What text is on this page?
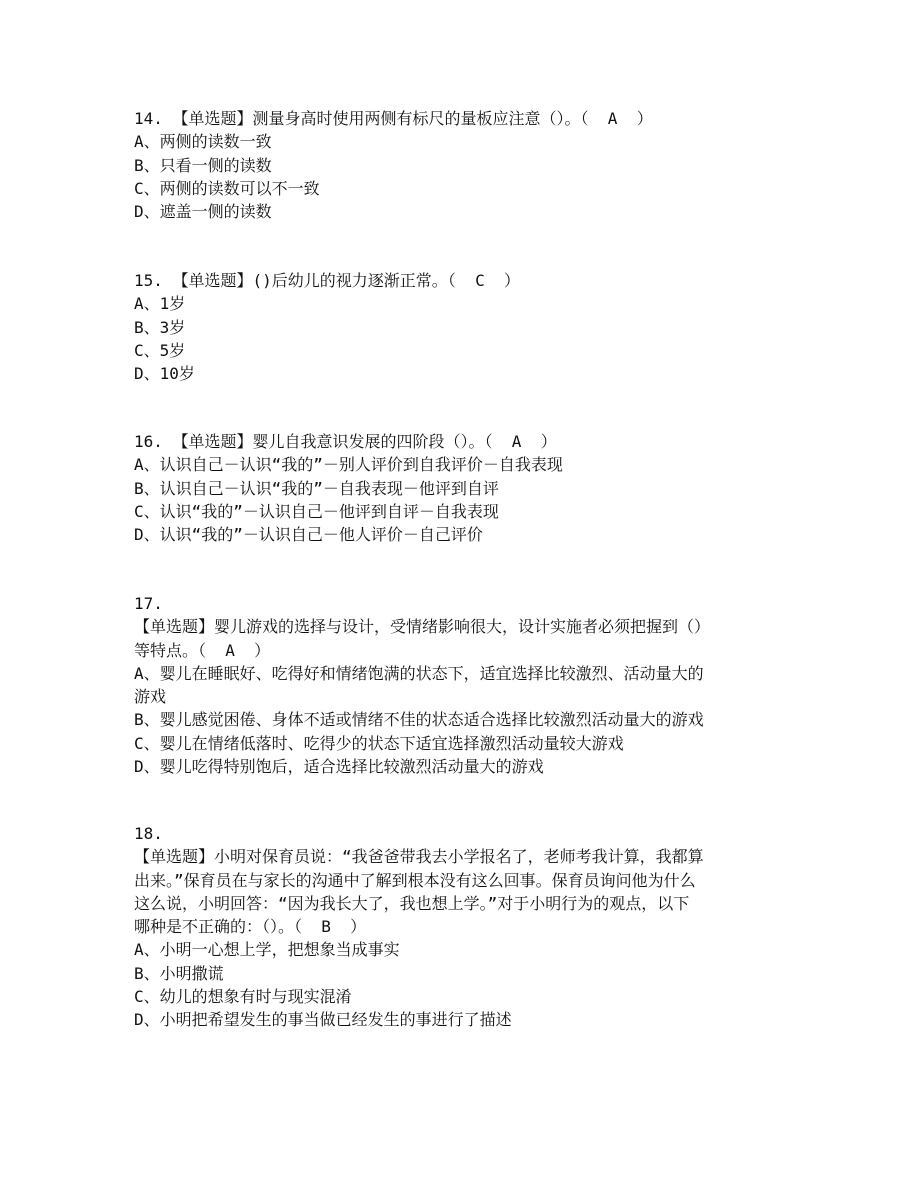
14. 【单选题】测量身高时使用两侧有标尺的量板应注意（）。（  A  ）
A、两侧的读数一致
B、只看一侧的读数
C、两侧的读数可以不一致
D、遮盖一侧的读数
15. 【单选题】()后幼儿的视力逐渐正常。（  C  ）
A、1岁
B、3岁
C、5岁
D、10岁
16. 【单选题】婴儿自我意识发展的四阶段（）。（  A  ）
A、认识自己－认识“我的”－别人评价到自我评价－自我表现
B、认识自己－认识“我的”－自我表现－他评到自评
C、认识“我的”－认识自己－他评到自评－自我表现
D、认识“我的”－认识自己－他人评价－自己评价
17.
【单选题】婴儿游戏的选择与设计，受情绪影响很大，设计实施者必须把握到（）
等特点。（  A  ）
A、婴儿在睡眠好、吃得好和情绪饱满的状态下，适宜选择比较激烈、活动量大的
游戏
B、婴儿感觉困倦、身体不适或情绪不佳的状态适合选择比较激烈活动量大的游戏
C、婴儿在情绪低落时、吃得少的状态下适宜选择激烈活动量较大游戏
D、婴儿吃得特别饱后，适合选择比较激烈活动量大的游戏
18.
【单选题】小明对保育员说：“我爸爸带我去小学报名了，老师考我计算，我都算
出来。”保育员在与家长的沟通中了解到根本没有这么回事。保育员询问他为什么
这么说，小明回答：“因为我长大了，我也想上学。”对于小明行为的观点，以下
哪种是不正确的：（）。（  B  ）
A、小明一心想上学，把想象当成事实
B、小明撒谎
C、幼儿的想象有时与现实混淆
D、小明把希望发生的事当做已经发生的事进行了描述
